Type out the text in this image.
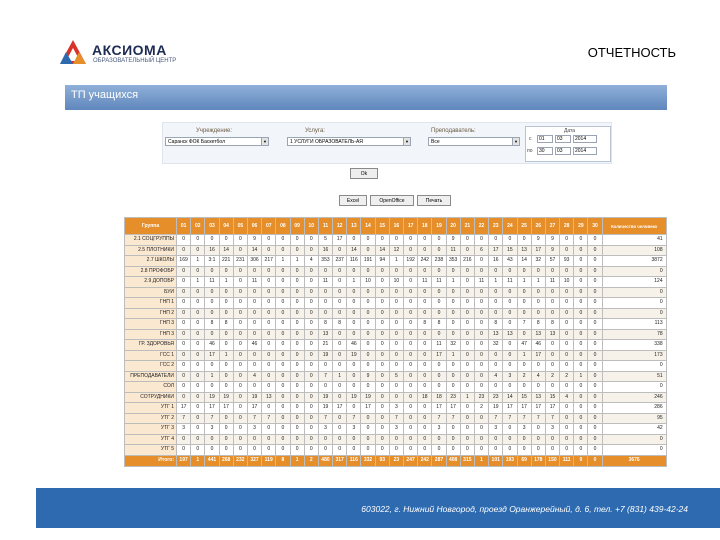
АКСИОМА
ОБРАЗОВАТЕЛЬНЫЙ ЦЕНТР
ОТЧЕТНОСТЬ
ТП учащихся
Учреждение:
Саранск ФОК Баскетбол	▼
Услуга:
1 УСЛУГИ ОБРАЗОВАТЕЛЬ-АЯ	▼
Преподаватель:
Все	▼
Дата
с	01	03	2014
по	30	03	2014
Ok
Excel	OpenOffice	Печать
Группа	01	02	03	04	05	06	07	08	09	10	11	12	13	14	15	16	17	18	19	20	21	22	23	24	25	26	27	28	29	30	Количество человеко
2.1 СОЦГРУППЫ	0	0	0	0	0	9	0	0	0	0	5	17	0	0	0	0	0	0	0	9	0	0	0	0	0	9	9	0	0	0	41
2.5 ПЛОТНИКИ	0	0	16	14	0	14	0	0	0	0	16	0	14	0	14	12	0	0	0	11	0	6	17	15	13	17	9	0	0	0	108
2.7 ШКОЛЫ	169	1	3:1	221	231	306	217	1	1	4	353	237	116	191	94	1	192	242	238	353	216	0	16	43	14	32	57	93	0	0	3872
2.8 ПРОФОБР	0	0	0	0	0	0	0	0	0	0	0	0	0	0	0	0	0	0	0	0	0	0	0	0	0	0	0	0	0	0	0
2.9 ДОПОБР	0	1	11	1	0	11	0	0	0	0	11	0	1	10	0	10	0	11	11	1	0	11	1	11	1	1	11	10	0	0	124
БУИ	0	0	0	0	0	0	0	0	0	0	0	0	0	0	0	0	0	0	0	0	0	0	0	0	0	0	0	0	0	0	0
ГНП 1	0	0	0	0	0	0	0	0	0	0	0	0	0	0	0	0	0	0	0	0	0	0	0	0	0	0	0	0	0	0	0
ГНП 2	0	0	0	0	0	0	0	0	0	0	0	0	0	0	0	0	0	0	0	0	0	0	0	0	0	0	0	0	0	0	0
ГНП 3	0	0	8	8	0	0	0	0	0	0	8	8	0	0	0	0	0	8	8	0	0	0	8	0	7	8	8	0	0	0	113
ГНП 3	0	0	0	0	0	0	0	0	0	0	13	0	0	0	0	0	0	0	0	0	0	0	13	13	0	13	13	0	0	0	78
ГР. ЗДОРОВЬЯ	0	0	46	0	0	46	0	0	0	0	21	0	46	0	0	0	0	0	11	32	0	0	32	0	47	46	0	0	0	0	338
ГСС 1	0	0	17	1	0	0	0	0	0	0	19	0	19	0	0	0	0	0	17	1	0	0	0	0	1	17	0	0	0	0	173
ГСС 2	0	0	0	0	0	0	0	0	0	0	0	0	0	0	0	0	0	0	0	0	0	0	0	0	0	0	0	0	0	0	0
ПРЕПОДАВАТЕЛИ	0	0	1	0	0	4	0	0	0	0	7	1	0	9	0	5	0	0	0	0	0	0	4	3	2	4	2	2	1	0	51
СОЛ	0	0	0	0	0	0	0	0	0	0	0	0	0	0	0	0	0	0	0	0	0	0	0	0	0	0	0	0	0	0	0
СОТРУДНИКИ	0	0	19	19	0	19	13	0	0	0	19	0	19	19	0	0	0	18	18	23	1	23	23	14	15	13	15	4	0	0	246
УТГ 1	17	0	17	17	0	17	0	0	0	0	19	17	0	17	0	3	0	0	17	17	0	2	19	17	17	17	17	0	0	0	286
УТГ 2	7	0	7	0	0	7	7	0	0	0	7	0	7	0	0	7	0	0	7	7	0	0	7	7	7	7	7	0	0	0	95
УТГ 3	3	0	3	0	0	3	0	0	0	0	3	0	3	0	0	3	0	0	3	0	0	0	3	0	3	0	3	0	0	0	42
УТГ 4	0	0	0	0	0	0	0	0	0	0	0	0	0	0	0	0	0	0	0	0	0	0	0	0	0	0	0	0	0	0	0
УТГ 5	0	0	0	0	0	0	0	0	0	0	0	0	0	0	0	0	0	0	0	0	0	0	0	0	0	0	0	0	0	0	0
Итого:	197	1	441	268	232	327	119	8	1	2	480	317	116	332	93	23	247	242	287	408	315	1	101	193	69	178	150	111	9	0	3676
603022, г. Нижний Новгород, проезд Оранжерейный, д. 6, тел. +7 (831) 439-42-24
